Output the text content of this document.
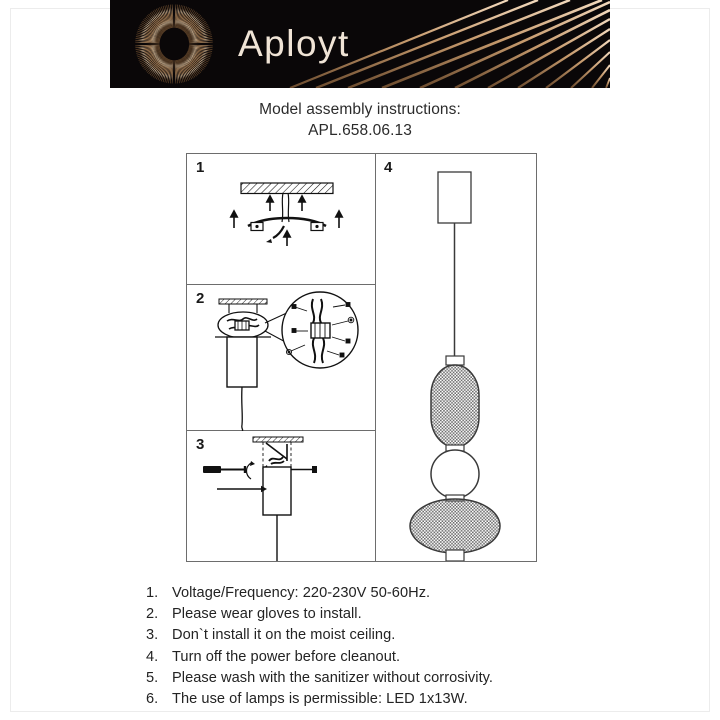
Aployt
Model assembly instructions:
APL.658.06.13
1
2
3
4
1. Voltage/Frequency: 220-230V 50-60Hz.
2. Please wear gloves to install.
3. Don`t install it on the moist ceiling.
4. Turn off the power before cleanout.
5. Please wash with the sanitizer without corrosivity.
6. The use of lamps is permissible: LED 1x13W.
